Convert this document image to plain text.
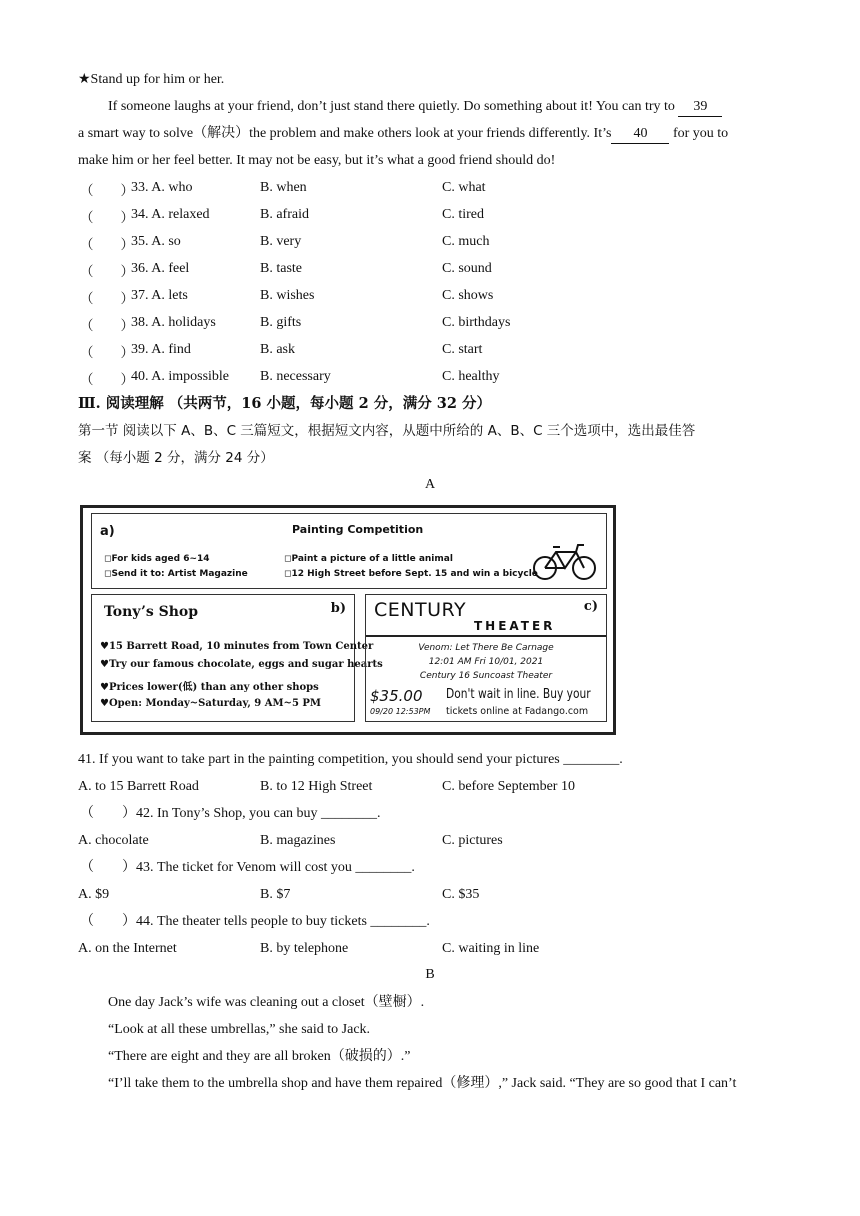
★Stand up for him or her.
If someone laughs at your friend, don’t just stand there quietly. Do something about it! You can try to 39
a smart way to solve（解决）the problem and make others look at your friends differently. It’s 40 for you to
make him or her feel better. It may not be easy, but it’s what a good friend should do!
（　　）
33. A. who	B. when	C. what
（　　）
34. A. relaxed	B. afraid	C. tired
（　　）
35. A. so	B. very	C. much
（　　）
36. A. feel	B. taste	C. sound
（　　）
37. A. lets	B. wishes	C. shows
（　　）
38. A. holidays	B. gifts	C. birthdays
（　　）
39. A. find	B. ask	C. start
（　　）
40. A. impossible B. necessary	C. healthy
Ⅲ. 阅读理解 （共两节，16 小题，每小题 2 分，满分 32 分）
第一节 阅读以下 A、B、C 三篇短文，根据短文内容，从题中所给的 A、B、C 三个选项中，选出最佳答
案 （每小题 2 分，满分 24 分）
A
a)	Painting Competition
◻For kids aged 6~14
◻Send it to: Artist Magazine
◻Paint a picture of a little animal
◻12 High Street before Sept. 15 and win a bicycle
Tony’s Shop	b)
♥15 Barrett Road, 10 minutes from Town Center
♥Try our famous chocolate, eggs and sugar hearts
♥Prices lower(低) than any other shops
♥Open: Monday~Saturday, 9 AM~5 PM
CENTURY
THEATER
c)
Venom: Let There Be Carnage
12:01 AM Fri 10/01, 2021
Century 16 Suncoast Theater
$35.00
09/20 12:53PM
Don't wait in line. Buy your
tickets online at Fadango.com
41. If you want to take part in the painting competition, you should send your pictures ________.
A. to 15 Barrett Road	B. to 12 High Street	C. before September 10
（　　）42. In Tony’s Shop, you can buy ________.
A. chocolate	B. magazines	C. pictures
（　　）43. The ticket for Venom will cost you ________.
A. $9	B. $7	C. $35
（　　）44. The theater tells people to buy tickets ________.
A. on the Internet	B. by telephone	C. waiting in line
B
One day Jack’s wife was cleaning out a closet（壁橱）.
“Look at all these umbrellas,” she said to Jack.
“There are eight and they are all broken（破损的）.”
“I’ll take them to the umbrella shop and have them repaired（修理）,” Jack said. “They are so good that I can’t
